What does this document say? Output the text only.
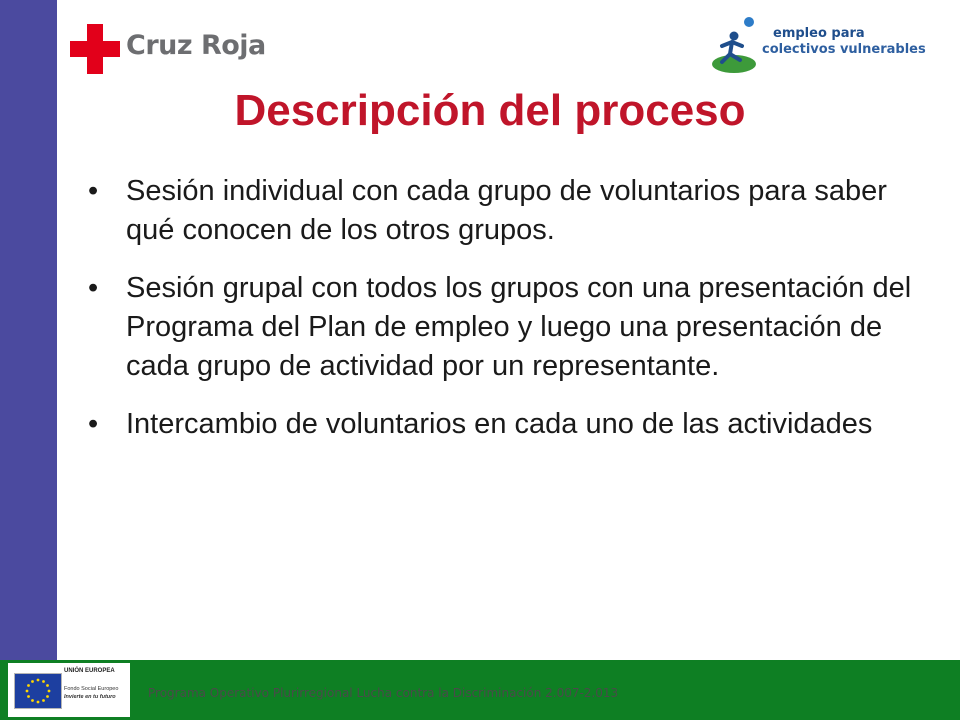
Cruz Roja	empleo para
colectivos vulnerables
Descripción del proceso
• Sesión individual con cada grupo de voluntarios para saber qué conocen de los otros grupos.
• Sesión grupal con todos los grupos con una presentación del Programa del Plan de empleo y luego una presentación de cada grupo de actividad por un representante.
• Intercambio de voluntarios en cada uno de las actividades
UNIÓN EUROPEA
Fondo Social Europeo
Invierte en tu futuro	Programa Operativo Plurirregional Lucha contra la Discriminación 2.007-2.013
